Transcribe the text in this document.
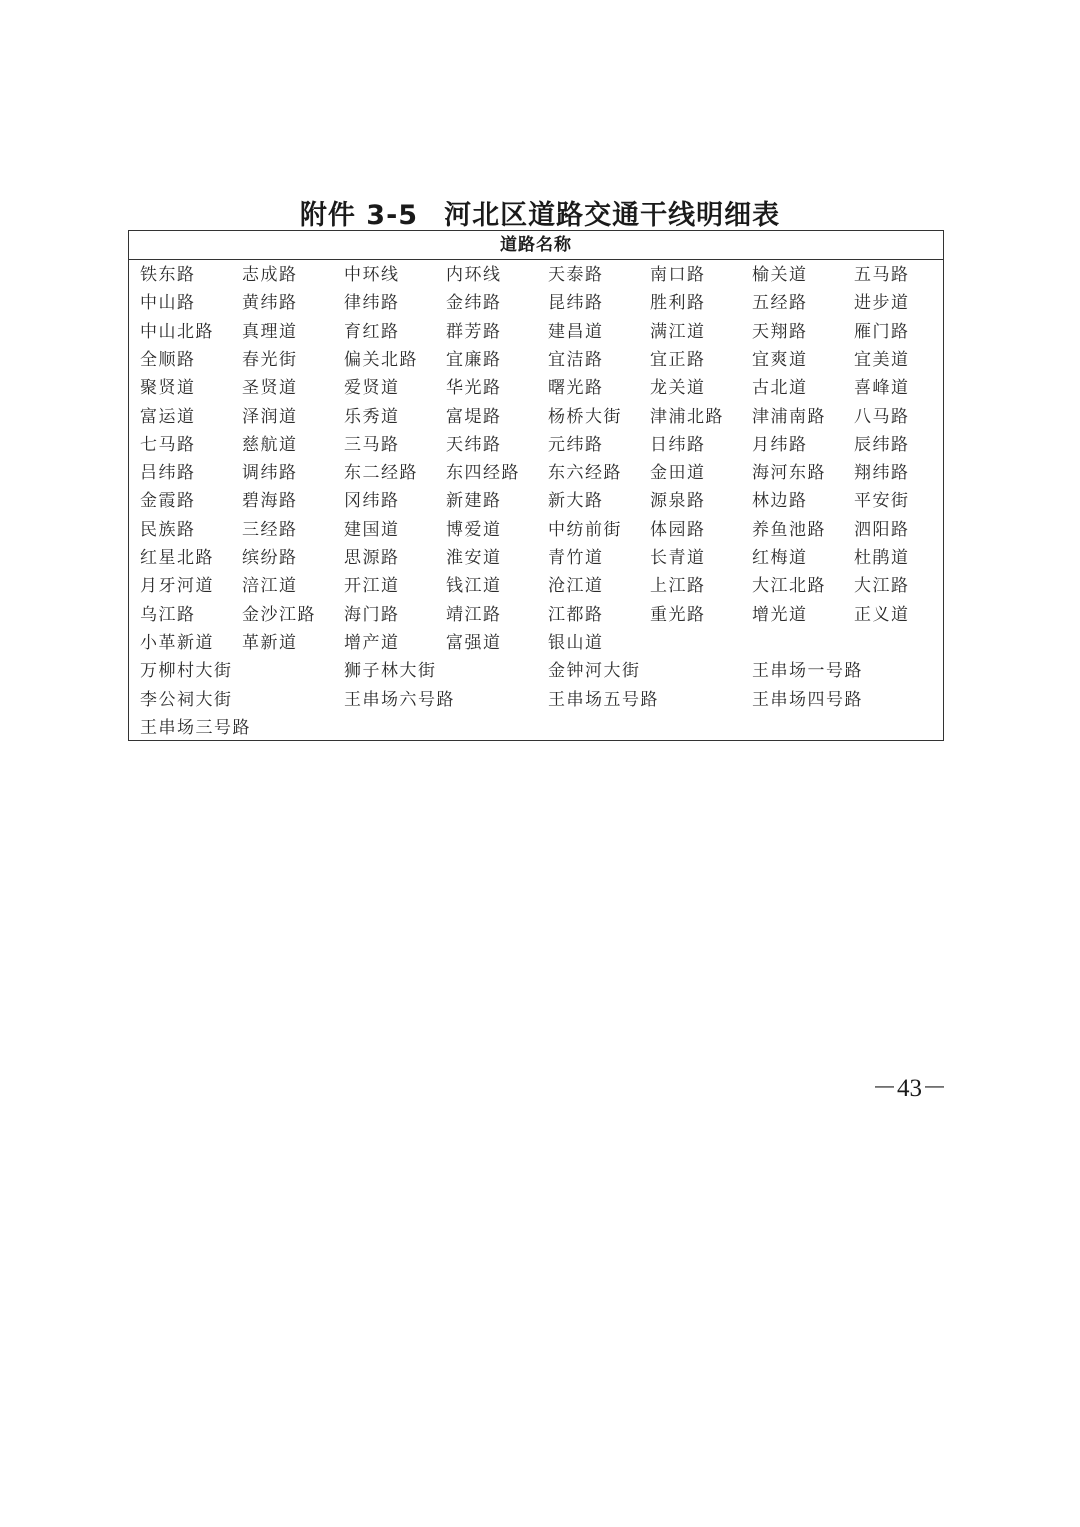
附件 3-5 河北区道路交通干线明细表
道路名称
铁东路	志成路	中环线	内环线	天泰路	南口路	榆关道	五马路
中山路	黄纬路	律纬路	金纬路	昆纬路	胜利路	五经路	进步道
中山北路 真理道	育红路	群芳路	建昌道	满江道	天翔路	雁门路
全顺路	春光街	偏关北路 宜廉路	宜洁路	宜正路	宜爽道	宜美道
聚贤道	圣贤道	爱贤道	华光路	曙光路	龙关道	古北道	喜峰道
富运道	泽润道	乐秀道	富堤路	杨桥大街 津浦北路 津浦南路 八马路
七马路	慈航道	三马路	天纬路	元纬路	日纬路	月纬路	辰纬路
吕纬路	调纬路	东二经路 东四经路 东六经路 金田道	海河东路 翔纬路
金霞路	碧海路	冈纬路	新建路	新大路	源泉路	林边路	平安街
民族路	三经路	建国道	博爱道	中纺前街 体园路	养鱼池路 泗阳路
红星北路 缤纷路	思源路	淮安道	青竹道	长青道	红梅道	杜鹃道
月牙河道 涪江道	开江道	钱江道	沧江道	上江路	大江北路 大江路
乌江路	金沙江路 海门路	靖江路	江都路	重光路	增光道	正义道
小革新道 革新道	增产道	富强道	银山道
万柳村大街	狮子林大街	金钟河大街	王串场一号路
李公祠大街	王串场六号路	王串场五号路	王串场四号路
王串场三号路
－43－
